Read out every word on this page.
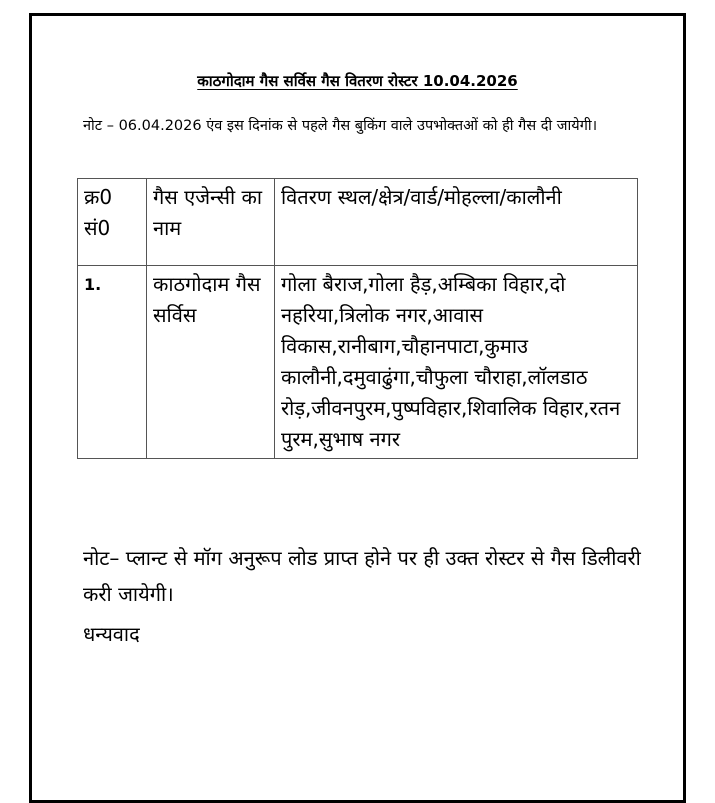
काठगोदाम गैस सर्विस गैस वितरण रोस्टर 10.04.2026
नोट – 06.04.2026 एंव इस दिनांक से पहले गैस बुकिंग वाले उपभोक्तओं को ही गैस दी जायेगी।
क्र0 सं0	गैस एजेन्सी का नाम	वितरण स्थल/क्षेत्र/वार्ड/मोहल्ला/कालौनी
1.	काठगोदाम गैस सर्विस	गोला बैराज,गोला हैड़,अम्बिका विहार,दो नहरिया,त्रिलोक नगर,आवास विकास,रानीबाग,चौहानपाटा,कुमाउ कालौनी,दमुवाढुंगा,चौफुला चौराहा,लॉलडाठ रोड़,जीवनपुरम,पुष्पविहार,शिवालिक विहार,रतन पुरम,सुभाष नगर
नोट– प्लान्ट से मॉग अनुरूप लोड प्राप्त होने पर ही उक्त रोस्टर से गैस डिलीवरी करी जायेगी।
धन्यवाद
